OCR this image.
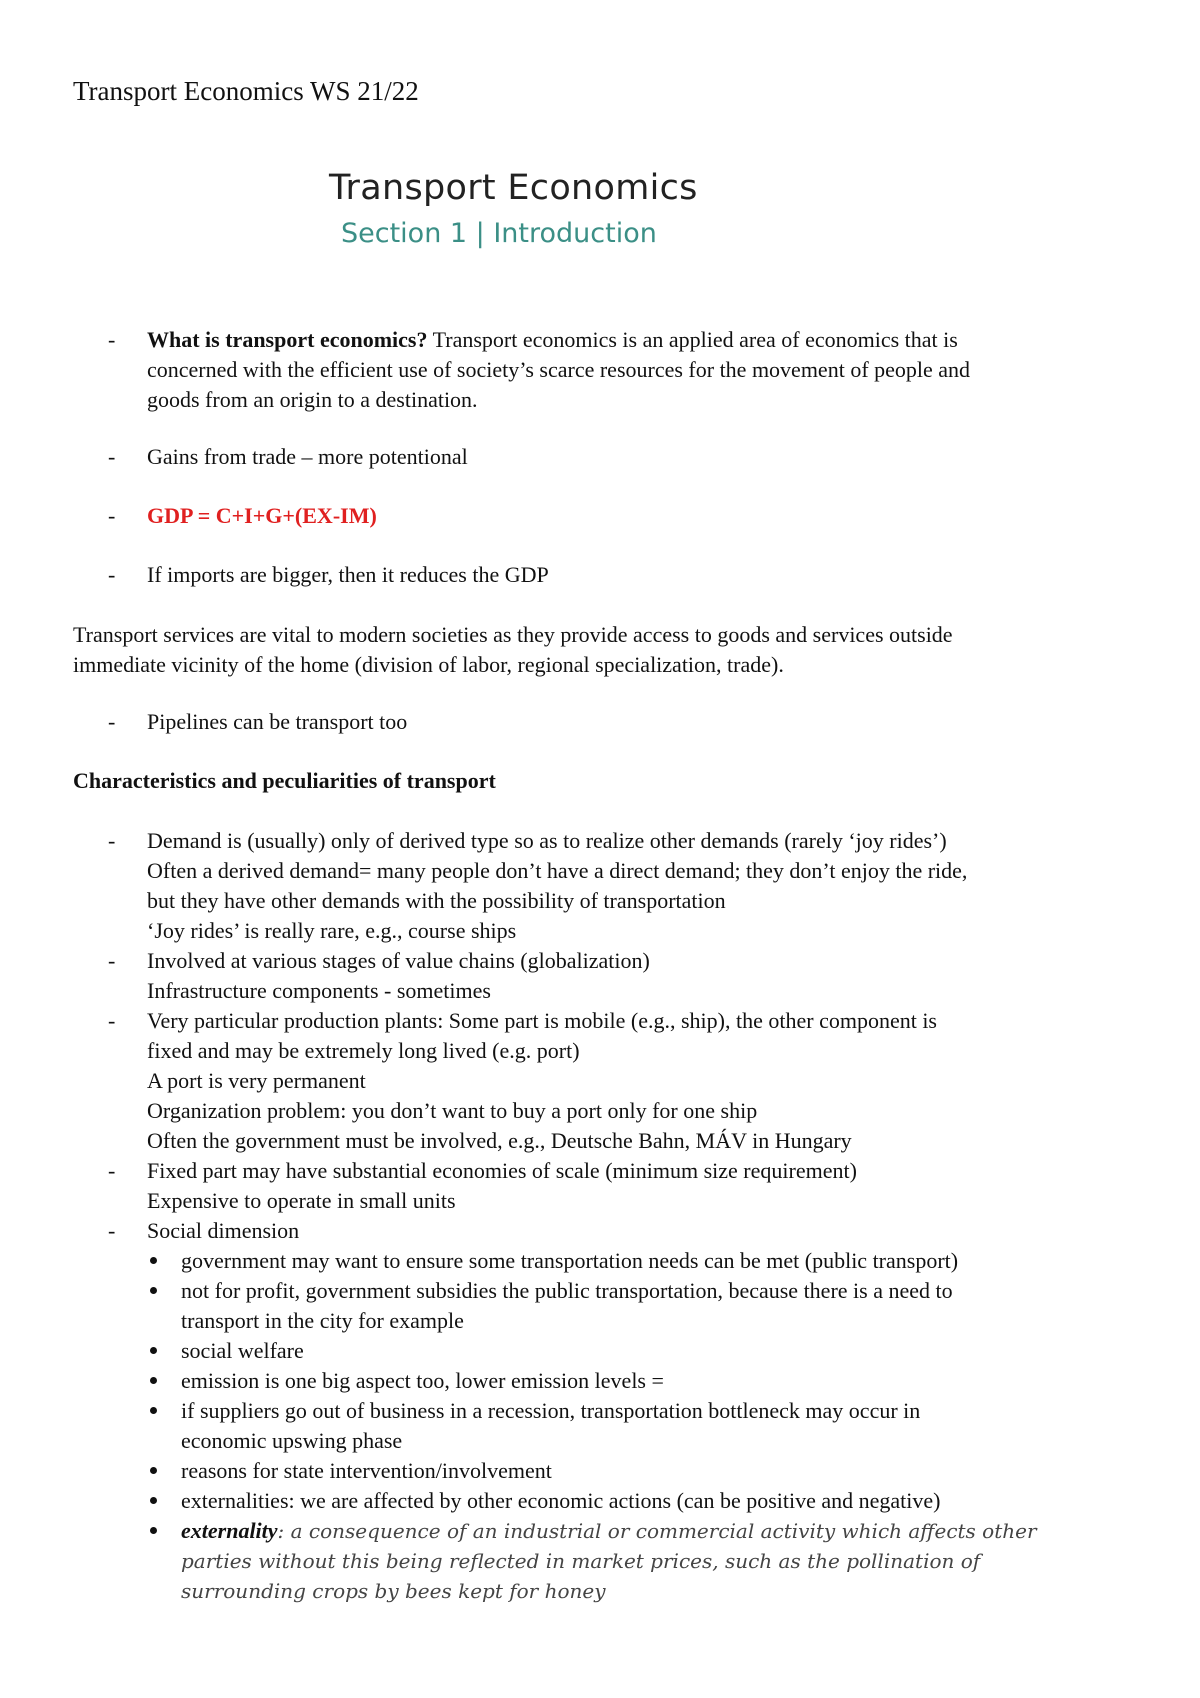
Transport Economics WS 21/22
Transport Economics
Section 1 | Introduction
- What is transport economics? Transport economics is an applied area of economics that is
concerned with the efficient use of society’s scarce resources for the movement of people and
goods from an origin to a destination.
- Gains from trade – more potentional
- GDP = C+I+G+(EX-IM)
- If imports are bigger, then it reduces the GDP
Transport services are vital to modern societies as they provide access to goods and services outside
immediate vicinity of the home (division of labor, regional specialization, trade).
- Pipelines can be transport too
Characteristics and peculiarities of transport
- Demand is (usually) only of derived type so as to realize other demands (rarely ‘joy rides’)
Often a derived demand= many people don’t have a direct demand; they don’t enjoy the ride,
but they have other demands with the possibility of transportation
‘Joy rides’ is really rare, e.g., course ships
- Involved at various stages of value chains (globalization)
Infrastructure components - sometimes
- Very particular production plants: Some part is mobile (e.g., ship), the other component is
fixed and may be extremely long lived (e.g. port)
A port is very permanent
Organization problem: you don’t want to buy a port only for one ship
Often the government must be involved, e.g., Deutsche Bahn, MÁV in Hungary
- Fixed part may have substantial economies of scale (minimum size requirement)
Expensive to operate in small units
- Social dimension
government may want to ensure some transportation needs can be met (public transport)
not for profit, government subsidies the public transportation, because there is a need to
transport in the city for example
social welfare
emission is one big aspect too, lower emission levels =
if suppliers go out of business in a recession, transportation bottleneck may occur in
economic upswing phase
reasons for state intervention/involvement
externalities: we are affected by other economic actions (can be positive and negative)
externality: a consequence of an industrial or commercial activity which affects other
parties without this being reflected in market prices, such as the pollination of
surrounding crops by bees kept for honey
